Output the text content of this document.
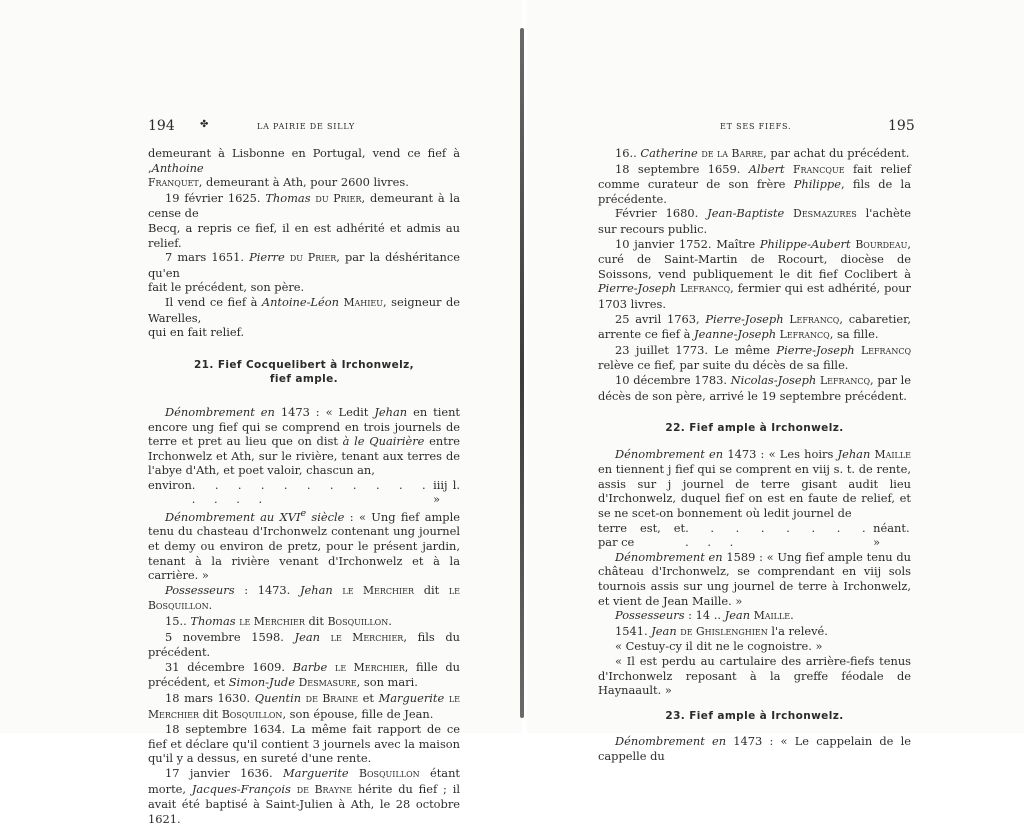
194	✤	LA PAIRIE DE SILLY

demeurant à Lisbonne en Portugal, vend ce fief à ,Anthoine

Franquet, demeurant à Ath, pour 2600 livres.

19 février 1625. Thomas du Prier, demeurant à la cense de

Becq, a repris ce fief, il en est adhérité et admis au relief.

7 mars 1651. Pierre du Prier, par la déshéritance qu'en

fait le précédent, son père.

Il vend ce fief à Antoine-Léon Mahieu, seigneur de Warelles,

qui en fait relief.

21. Fief Cocquelibert à Irchonwelz,

fief ample.

Dénombrement en 1473 : « Ledit Jehan en tient encore ung fief qui se comprend en trois journels de terre et pret au lieu que on dist à le Quairière entre Irchonwelz et Ath, sur le rivière, tenant aux terres de l'abye d'Ath, et poet valoir, chascun an,

environ . . . . . . . . . . . . . . .
iiij l. »

Dénombrement au XVIe siècle : « Ung fief ample tenu du chasteau d'Irchonwelz contenant ung journel et demy ou environ de pretz, pour le présent jardin, tenant à la rivière venant d'Irchonwelz et à la carrière. »

Possesseurs : 1473. Jehan le Merchier dit le Bosquillon.

15.. Thomas le Merchier dit Bosquillon.

5 novembre 1598. Jean le Merchier, fils du précédent.

31 décembre 1609. Barbe le Merchier, fille du précédent, et Simon-Jude Desmasure, son mari.

18 mars 1630. Quentin de Braine et Marguerite le Merchier dit Bosquillon, son épouse, fille de Jean.

18 septembre 1634. La même fait rapport de ce fief et déclare qu'il contient 3 journels avec la maison qu'il y a dessus, en sureté d'une rente.

17 janvier 1636. Marguerite Bosquillon étant morte, Jacques-François de Brayne hérite du fief ; il avait été baptisé à Saint-Julien à Ath, le 28 octobre 1621.

ET SES FIEFS.	195

16.. Catherine de la Barre, par achat du précédent.

18 septembre 1659. Albert Francque fait relief comme curateur de son frère Philippe, fils de la précédente.

Février 1680. Jean-Baptiste Desmazures l'achète sur recours public.

10 janvier 1752. Maître Philippe-Aubert Bourdeau, curé de Saint-Martin de Rocourt, diocèse de Soissons, vend publiquement le dit fief Coclibert à Pierre-Joseph Lefrancq, fermier qui est adhérité, pour 1703 livres.

25 avril 1763, Pierre-Joseph Lefrancq, cabaretier, arrente ce fief à Jeanne-Joseph Lefrancq, sa fille.

23 juillet 1773. Le même Pierre-Joseph Lefrancq relève ce fief, par suite du décès de sa fille.

10 décembre 1783. Nicolas-Joseph Lefrancq, par le décès de son père, arrivé le 19 septembre précédent.

22. Fief ample à Irchonwelz.

Dénombrement en 1473 : « Les hoirs Jehan Maille en tiennent j fief qui se comprent en viij s. t. de rente, assis sur j journel de terre gisant audit lieu d'Irchonwelz, duquel fief on est en faute de relief, et se ne scet-on bonnement où ledit journel de

terre est, et par ce
. . . . . . . . . . .
néant. »

Dénombrement en 1589 : « Ung fief ample tenu du château d'Irchonwelz, se comprendant en viij sols tournois assis sur ung journel de terre à Irchonwelz, et vient de Jean Maille. »

Possesseurs : 14 .. Jean Maille.

1541. Jean de Ghislenghien l'a relevé.

« Cestuy-cy il dit ne le cognoistre. »

« Il est perdu au cartulaire des arrière-fiefs tenus d'Irchonwelz reposant à la greffe féodale de Haynaault. »

23. Fief ample à Irchonwelz.

Dénombrement en 1473 : « Le cappelain de le cappelle du
